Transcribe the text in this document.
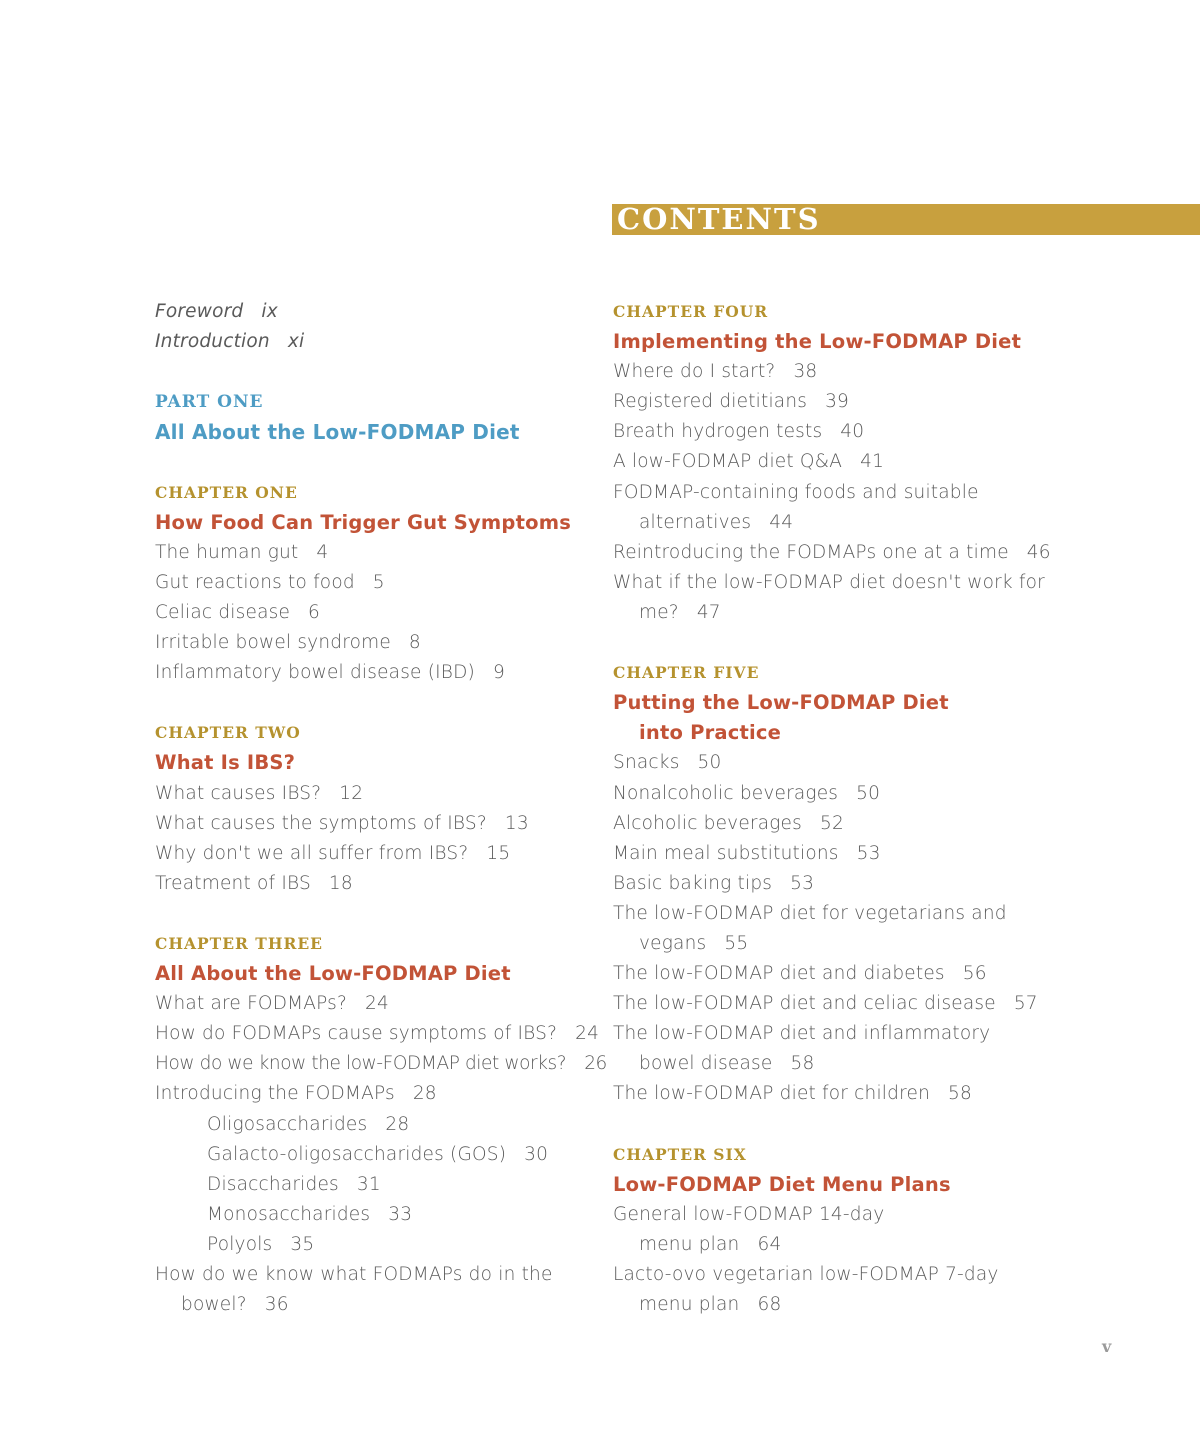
CONTENTS
Foreword ix
Introduction xi
PART ONE
All About the Low-FODMAP Diet
CHAPTER ONE
How Food Can Trigger Gut Symptoms
The human gut 4
Gut reactions to food 5
Celiac disease 6
Irritable bowel syndrome 8
Inflammatory bowel disease (IBD) 9
CHAPTER TWO
What Is IBS?
What causes IBS? 12
What causes the symptoms of IBS? 13
Why don't we all suffer from IBS? 15
Treatment of IBS 18
CHAPTER THREE
All About the Low-FODMAP Diet
What are FODMAPs? 24
How do FODMAPs cause symptoms of IBS? 24
How do we know the low-FODMAP diet works? 26
Introducing the FODMAPs 28
Oligosaccharides 28
Galacto-oligosaccharides (GOS) 30
Disaccharides 31
Monosaccharides 33
Polyols 35
How do we know what FODMAPs do in the
bowel? 36
CHAPTER FOUR
Implementing the Low-FODMAP Diet
Where do I start? 38
Registered dietitians 39
Breath hydrogen tests 40
A low-FODMAP diet Q&A 41
FODMAP-containing foods and suitable
alternatives 44
Reintroducing the FODMAPs one at a time 46
What if the low-FODMAP diet doesn't work for
me? 47
CHAPTER FIVE
Putting the Low-FODMAP Diet
into Practice
Snacks 50
Nonalcoholic beverages 50
Alcoholic beverages 52
Main meal substitutions 53
Basic baking tips 53
The low-FODMAP diet for vegetarians and
vegans 55
The low-FODMAP diet and diabetes 56
The low-FODMAP diet and celiac disease 57
The low-FODMAP diet and inflammatory
bowel disease 58
The low-FODMAP diet for children 58
CHAPTER SIX
Low-FODMAP Diet Menu Plans
General low-FODMAP 14-day
menu plan 64
Lacto-ovo vegetarian low-FODMAP 7-day
menu plan 68
v
